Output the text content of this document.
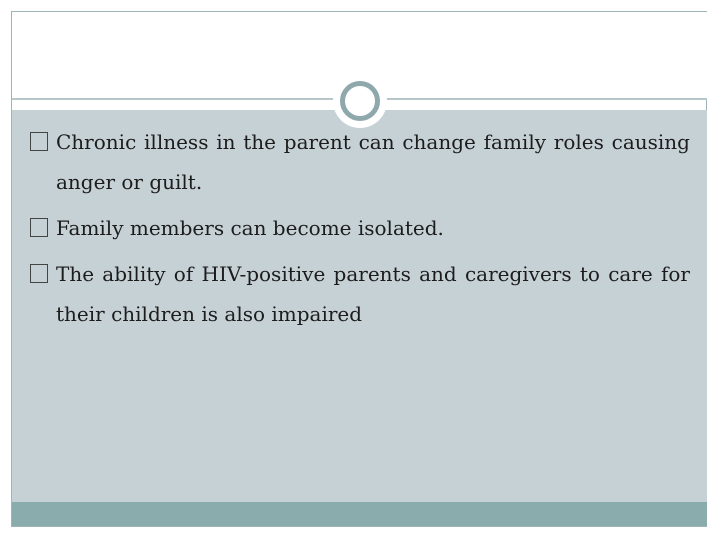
Chronic illness in the parent can change family roles causing anger or guilt.
Family members can become isolated.
The ability of HIV-positive parents and caregivers to care for their children is also impaired
